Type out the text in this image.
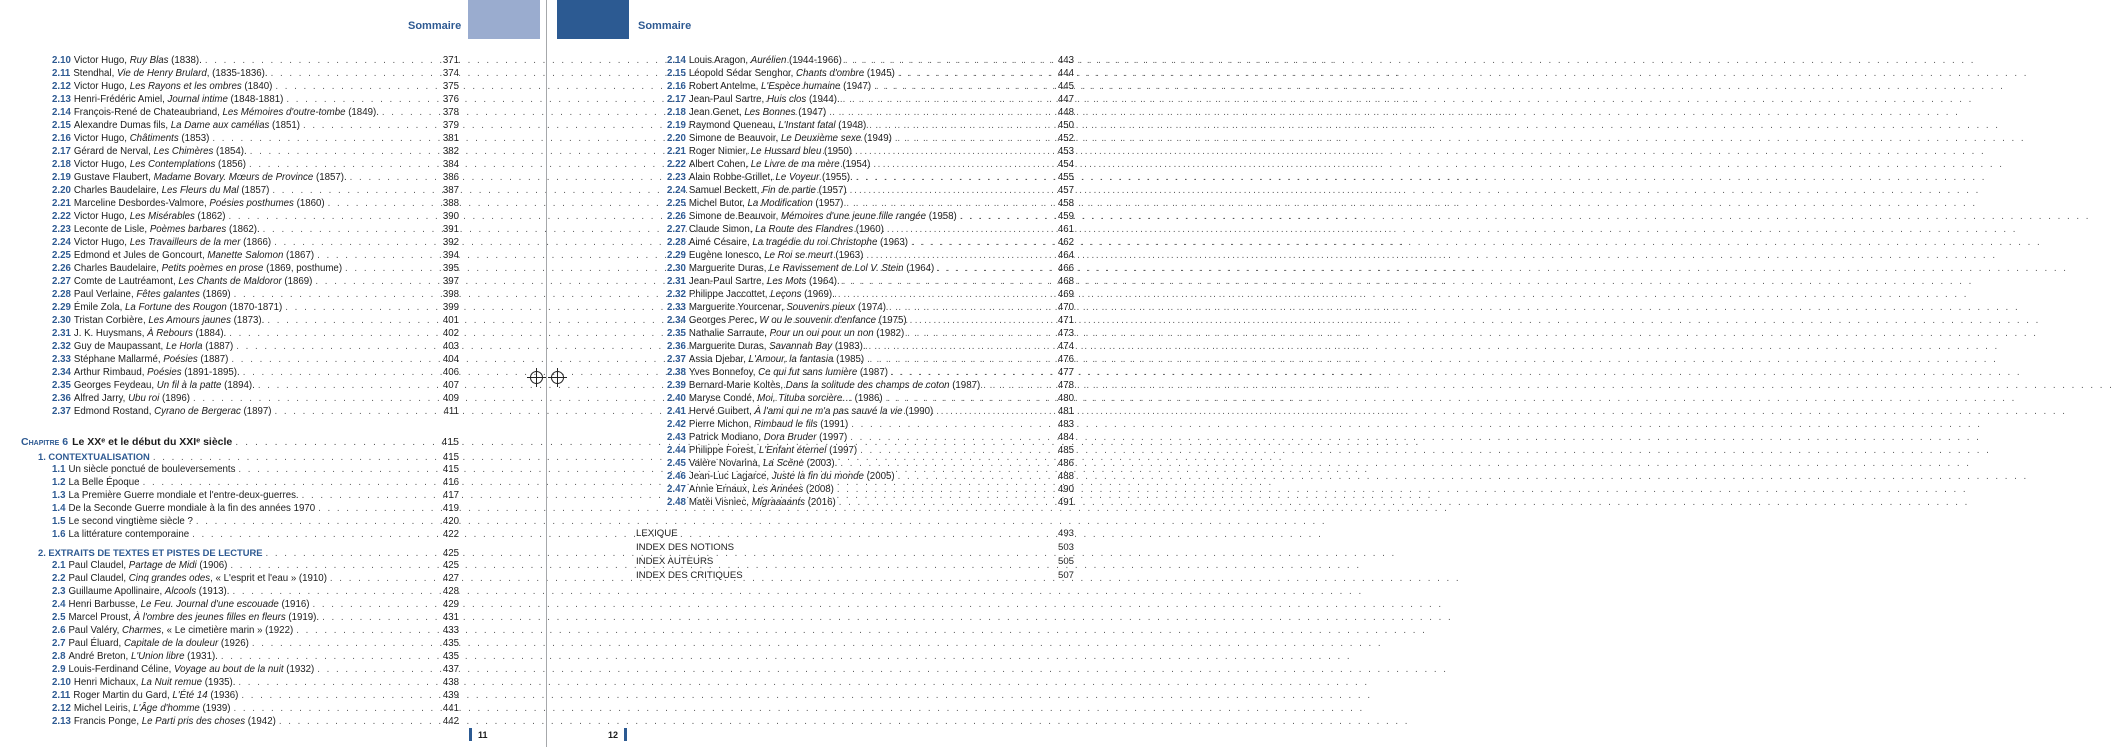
Sommaire
2.10 Victor Hugo, Ruy Blas (1838). . . .	371
2.11 Stendhal, Vie de Henry Brulard, (1835-1836). . . .	374
2.12 Victor Hugo, Les Rayons et les ombres (1840) . . .	375
2.13 Henri-Frédéric Amiel, Journal intime (1848-1881) . . .	376
2.14 François-René de Chateaubriand, Les Mémoires d'outre-tombe (1849). . . .	378
2.15 Alexandre Dumas fils, La Dame aux camélias (1851) . . .	379
2.16 Victor Hugo, Châtiments (1853) . . .	381
2.17 Gérard de Nerval, Les Chimères (1854). . . .	382
2.18 Victor Hugo, Les Contemplations (1856) . . .	384
2.19 Gustave Flaubert, Madame Bovary. Mœurs de Province (1857). . . .	386
2.20 Charles Baudelaire, Les Fleurs du Mal (1857) . . .	387
2.21 Marceline Desbordes-Valmore, Poésies posthumes (1860) . . .	388
2.22 Victor Hugo, Les Misérables (1862) . . .	390
2.23 Leconte de Lisle, Poèmes barbares (1862). . . .	391
2.24 Victor Hugo, Les Travailleurs de la mer (1866) . . .	392
2.25 Edmond et Jules de Goncourt, Manette Salomon (1867) . . .	394
2.26 Charles Baudelaire, Petits poèmes en prose (1869, posthume) . . .	395
2.27 Comte de Lautréamont, Les Chants de Maldoror (1869) . . .	397
2.28 Paul Verlaine, Fêtes galantes (1869) . . .	398
2.29 Émile Zola, La Fortune des Rougon (1870-1871) . . .	399
2.30 Tristan Corbière, Les Amours jaunes (1873). . . .	401
2.31 J. K. Huysmans, À Rebours (1884). . . .	402
2.32 Guy de Maupassant, Le Horla (1887) . . .	403
2.33 Stéphane Mallarmé, Poésies (1887) . . .	404
2.34 Arthur Rimbaud, Poésies (1891-1895). . . .	406
2.35 Georges Feydeau, Un fil à la patte (1894). . . .	407
2.36 Alfred Jarry, Ubu roi (1896) . . .	409
2.37 Edmond Rostand, Cyrano de Bergerac (1897) . . .	411
Chapitre 6 Le XXᵉ et le début du XXIᵉ siècle . . .	415
1. CONTEXTUALISATION . . .	415
1.1 Un siècle ponctué de bouleversements . . .	415
1.2 La Belle Époque . . .	416
1.3 La Première Guerre mondiale et l'entre-deux-guerres. . . .	417
1.4 De la Seconde Guerre mondiale à la fin des années 1970 . . .	419
1.5 Le second vingtième siècle ? . . .	420
1.6 La littérature contemporaine . . .	422
2. EXTRAITS DE TEXTES ET PISTES DE LECTURE . . .	425
2.1 Paul Claudel, Partage de Midi (1906) . . .	425
2.2 Paul Claudel, Cinq grandes odes, « L'esprit et l'eau » (1910) . . .	427
2.3 Guillaume Apollinaire, Alcools (1913). . . .	428
2.4 Henri Barbusse, Le Feu. Journal d'une escouade (1916) . . .	429
2.5 Marcel Proust, À l'ombre des jeunes filles en fleurs (1919). . . .	431
2.6 Paul Valéry, Charmes, « Le cimetière marin » (1922) . . .	433
2.7 Paul Éluard, Capitale de la douleur (1926) . . .	435
2.8 André Breton, L'Union libre (1931). . . .	435
2.9 Louis-Ferdinand Céline, Voyage au bout de la nuit (1932) . . .	437
2.10 Henri Michaux, La Nuit remue (1935). . . .	438
2.11 Roger Martin du Gard, L'Été 14 (1936) . . .	439
2.12 Michel Leiris, L'Âge d'homme (1939) . . .	441
2.13 Francis Ponge, Le Parti pris des choses (1942) . . .	442
11
Sommaire
2.14 Louis Aragon, Aurélien (1944-1966) . . .	443
2.15 Léopold Sédar Senghor, Chants d'ombre (1945) . . .	444
2.16 Robert Antelme, L'Espèce humaine (1947) . . .	445
2.17 Jean-Paul Sartre, Huis clos (1944). . . .	447
2.18 Jean Genet, Les Bonnes (1947) . . .	448
2.19 Raymond Queneau, L'Instant fatal (1948) . . .	450
2.20 Simone de Beauvoir, Le Deuxième sexe (1949) . . .	452
2.21 Roger Nimier, Le Hussard bleu (1950) . . .	453
2.22 Albert Cohen, Le Livre de ma mère (1954) . . .	454
2.23 Alain Robbe-Grillet, Le Voyeur (1955). . . .	455
2.24 Samuel Beckett, Fin de partie (1957) . . .	457
2.25 Michel Butor, La Modification (1957) . . .	458
2.26 Simone de Beauvoir, Mémoires d'une jeune fille rangée (1958) . . .	459
2.27 Claude Simon, La Route des Flandres (1960) . . .	461
2.28 Aimé Césaire, La tragédie du roi Christophe (1963) . . .	462
2.29 Eugène Ionesco, Le Roi se meurt (1963) . . .	464
2.30 Marguerite Duras, Le Ravissement de Lol V. Stein (1964) . . .	466
2.31 Jean-Paul Sartre, Les Mots (1964). . . .	468
2.32 Philippe Jaccottet, Leçons (1969). . . .	469
2.33 Marguerite Yourcenar, Souvenirs pieux (1974) . . .	470
2.34 Georges Perec, W ou le souvenir d'enfance (1975) . . .	471
2.35 Nathalie Sarraute, Pour un oui pour un non (1982) . . .	473
2.36 Marguerite Duras, Savannah Bay (1983). . . .	474
2.37 Assia Djebar, L'Amour, la fantasia (1985) . . .	476
2.38 Yves Bonnefoy, Ce qui fut sans lumière (1987) . . .	477
2.39 Bernard-Marie Koltès, Dans la solitude des champs de coton (1987) . . .	478
2.40 Maryse Condé, Moi, Tituba sorcière… (1986) . . .	480
2.41 Hervé Guibert, À l'ami qui ne m'a pas sauvé la vie (1990) . . .	481
2.42 Pierre Michon, Rimbaud le fils (1991) . . .	483
2.43 Patrick Modiano, Dora Bruder (1997) . . .	484
2.44 Philippe Forest, L'Enfant éternel (1997) . . .	485
2.45 Valère Novarina, La Scène (2003). . . .	486
2.46 Jean-Luc Lagarce, Juste la fin du monde (2005) . . .	488
2.47 Annie Ernaux, Les Années (2008) . . .	490
2.48 Matéi Visniec, Migraaaants (2016) . . .	491
LEXIQUE	493
INDEX DES NOTIONS	503
INDEX AUTEURS	505
INDEX DES CRITIQUES	507
12
